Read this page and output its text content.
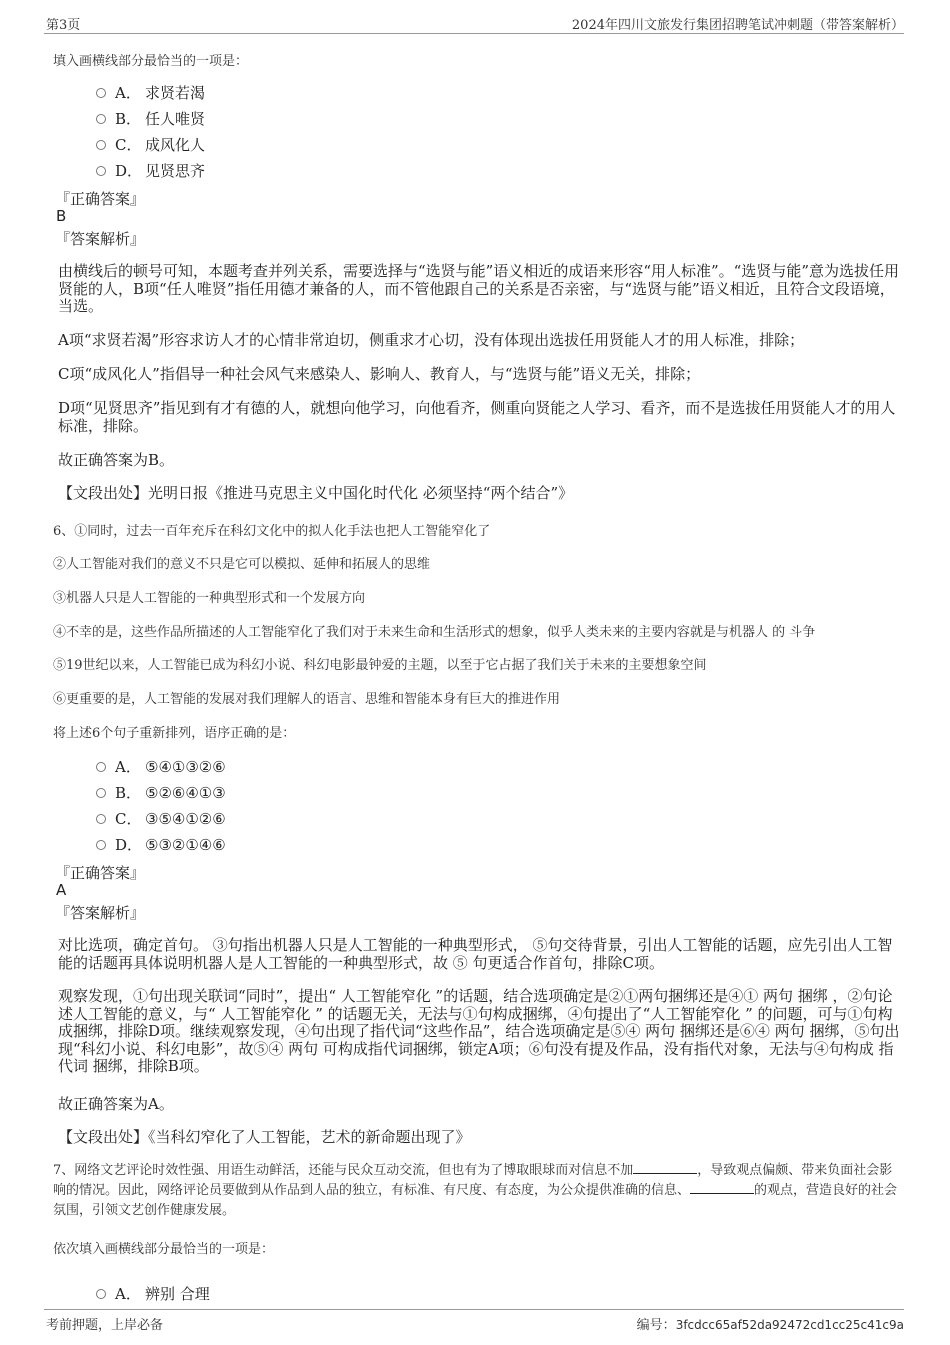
第3页	2024年四川文旅发行集团招聘笔试冲刺题（带答案解析）
填入画横线部分最恰当的一项是：
A． 求贤若渴
B． 任人唯贤
C． 成风化人
D． 见贤思齐
『正确答案』
B
『答案解析』
由横线后的顿号可知，本题考查并列关系，需要选择与“选贤与能”语义相近的成语来形容“用人标准”。“选贤与能”意为选拔任用贤能的人，B项“任人唯贤”指任用德才兼备的人，而不管他跟自己的关系是否亲密，与“选贤与能”语义相近，且符合文段语境，当选。
A项“求贤若渴”形容求访人才的心情非常迫切，侧重求才心切，没有体现出选拔任用贤能人才的用人标准，排除；
C项“成风化人”指倡导一种社会风气来感染人、影响人、教育人，与“选贤与能”语义无关，排除；
D项“见贤思齐”指见到有才有德的人，就想向他学习，向他看齐，侧重向贤能之人学习、看齐，而不是选拔任用贤能人才的用人标准，排除。
故正确答案为B。
【文段出处】光明日报《推进马克思主义中国化时代化 必须坚持“两个结合”》
6、①同时，过去一百年充斥在科幻文化中的拟人化手法也把人工智能窄化了
②人工智能对我们的意义不只是它可以模拟、延伸和拓展人的思维
③机器人只是人工智能的一种典型形式和一个发展方向
④不幸的是，这些作品所描述的人工智能窄化了我们对于未来生命和生活形式的想象，似乎人类未来的主要内容就是与机器人 的 斗争
⑤19世纪以来，人工智能已成为科幻小说、科幻电影最钟爱的主题，以至于它占据了我们关于未来的主要想象空间
⑥更重要的是，人工智能的发展对我们理解人的语言、思维和智能本身有巨大的推进作用
将上述6个句子重新排列，语序正确的是：
A． ⑤④①③②⑥
B． ⑤②⑥④①③
C． ③⑤④①②⑥
D． ⑤③②①④⑥
『正确答案』
A
『答案解析』
对比选项，确定首句。 ③句指出机器人只是人工智能的一种典型形式， ⑤句交待背景，引出人工智能的话题，应先引出人工智能的话题再具体说明机器人是人工智能的一种典型形式，故 ⑤ 句更适合作首句，排除C项。
观察发现，①句出现关联词“同时”，提出“ 人工智能窄化 ”的话题，结合选项确定是②①两句捆绑还是④① 两句 捆绑 ，②句论述人工智能的意义，与“ 人工智能窄化 ” 的话题无关，无法与①句构成捆绑，④句提出了“人工智能窄化 ” 的问题，可与①句构成捆绑，排除D项。继续观察发现，④句出现了指代词“这些作品”，结合选项确定是⑤④ 两句 捆绑还是⑥④ 两句 捆绑，⑤句出现“科幻小说、科幻电影”，故⑤④ 两句 可构成指代词捆绑，锁定A项；⑥句没有提及作品，没有指代对象，无法与④句构成 指代词 捆绑，排除B项。
故正确答案为A。
【文段出处】《当科幻窄化了人工智能，艺术的新命题出现了》
7、网络文艺评论时效性强、用语生动鲜活，还能与民众互动交流，但也有为了博取眼球而对信息不加	，导致观点偏颇、带来负面社会影响的情况。因此，网络评论员要做到从作品到人品的独立，有标准、有尺度、有态度，为公众提供准确的信息、	的观点，营造良好的社会氛围，引领文艺创作健康发展。
依次填入画横线部分最恰当的一项是：
A． 辨别 合理
考前押题，上岸必备	编号：3fcdcc65af52da92472cd1cc25c41c9a
